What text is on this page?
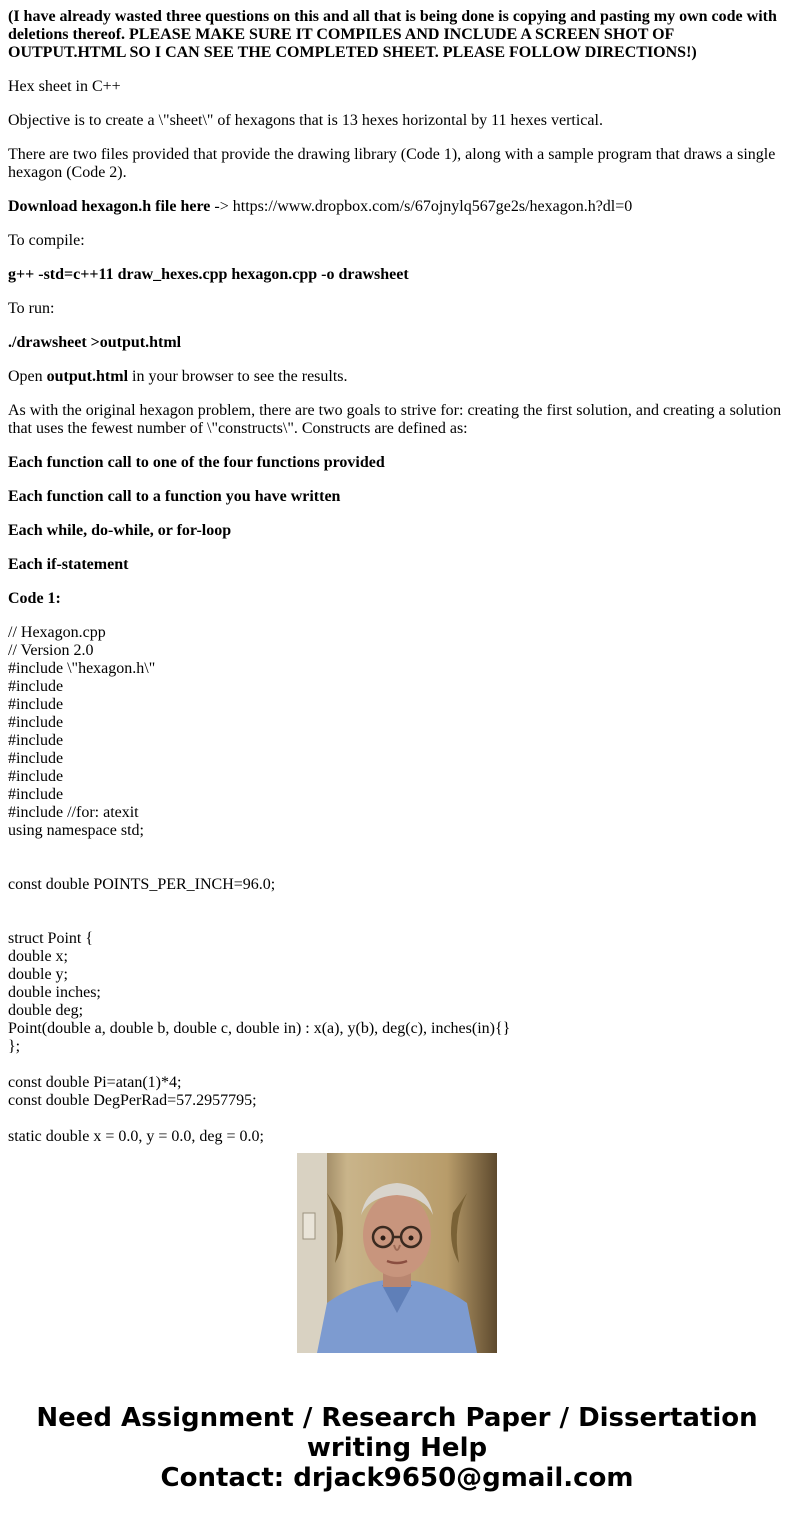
(I have already wasted three questions on this and all that is being done is copying and pasting my own code with deletions thereof. PLEASE MAKE SURE IT COMPILES AND INCLUDE A SCREEN SHOT OF OUTPUT.HTML SO I CAN SEE THE COMPLETED SHEET. PLEASE FOLLOW DIRECTIONS!)

Hex sheet in C++

Objective is to create a \"sheet\" of hexagons that is 13 hexes horizontal by 11 hexes vertical.

There are two files provided that provide the drawing library (Code 1), along with a sample program that draws a single hexagon (Code 2).

Download hexagon.h file here -> https://www.dropbox.com/s/67ojnylq567ge2s/hexagon.h?dl=0

To compile:

g++ -std=c++11 draw_hexes.cpp hexagon.cpp -o drawsheet

To run:

./drawsheet >output.html

Open output.html in your browser to see the results.

As with the original hexagon problem, there are two goals to strive for: creating the first solution, and creating a solution that uses the fewest number of \"constructs\". Constructs are defined as:

Each function call to one of the four functions provided

Each function call to a function you have written

Each while, do-while, or for-loop

Each if-statement

Code 1:

// Hexagon.cpp
// Version 2.0
#include \"hexagon.h\"
#include
#include
#include
#include
#include
#include
#include
#include //for: atexit
using namespace std;
const double POINTS_PER_INCH=96.0;
struct Point {
double x;
double y;
double inches;
double deg;
Point(double a, double b, double c, double in) : x(a), y(b), deg(c), inches(in){}
};
const double Pi=atan(1)*4;
const double DegPerRad=57.2957795;
static double x = 0.0, y = 0.0, deg = 0.0;
Need Assignment / Research Paper / Dissertation
writing Help
Contact: drjack9650@gmail.com
